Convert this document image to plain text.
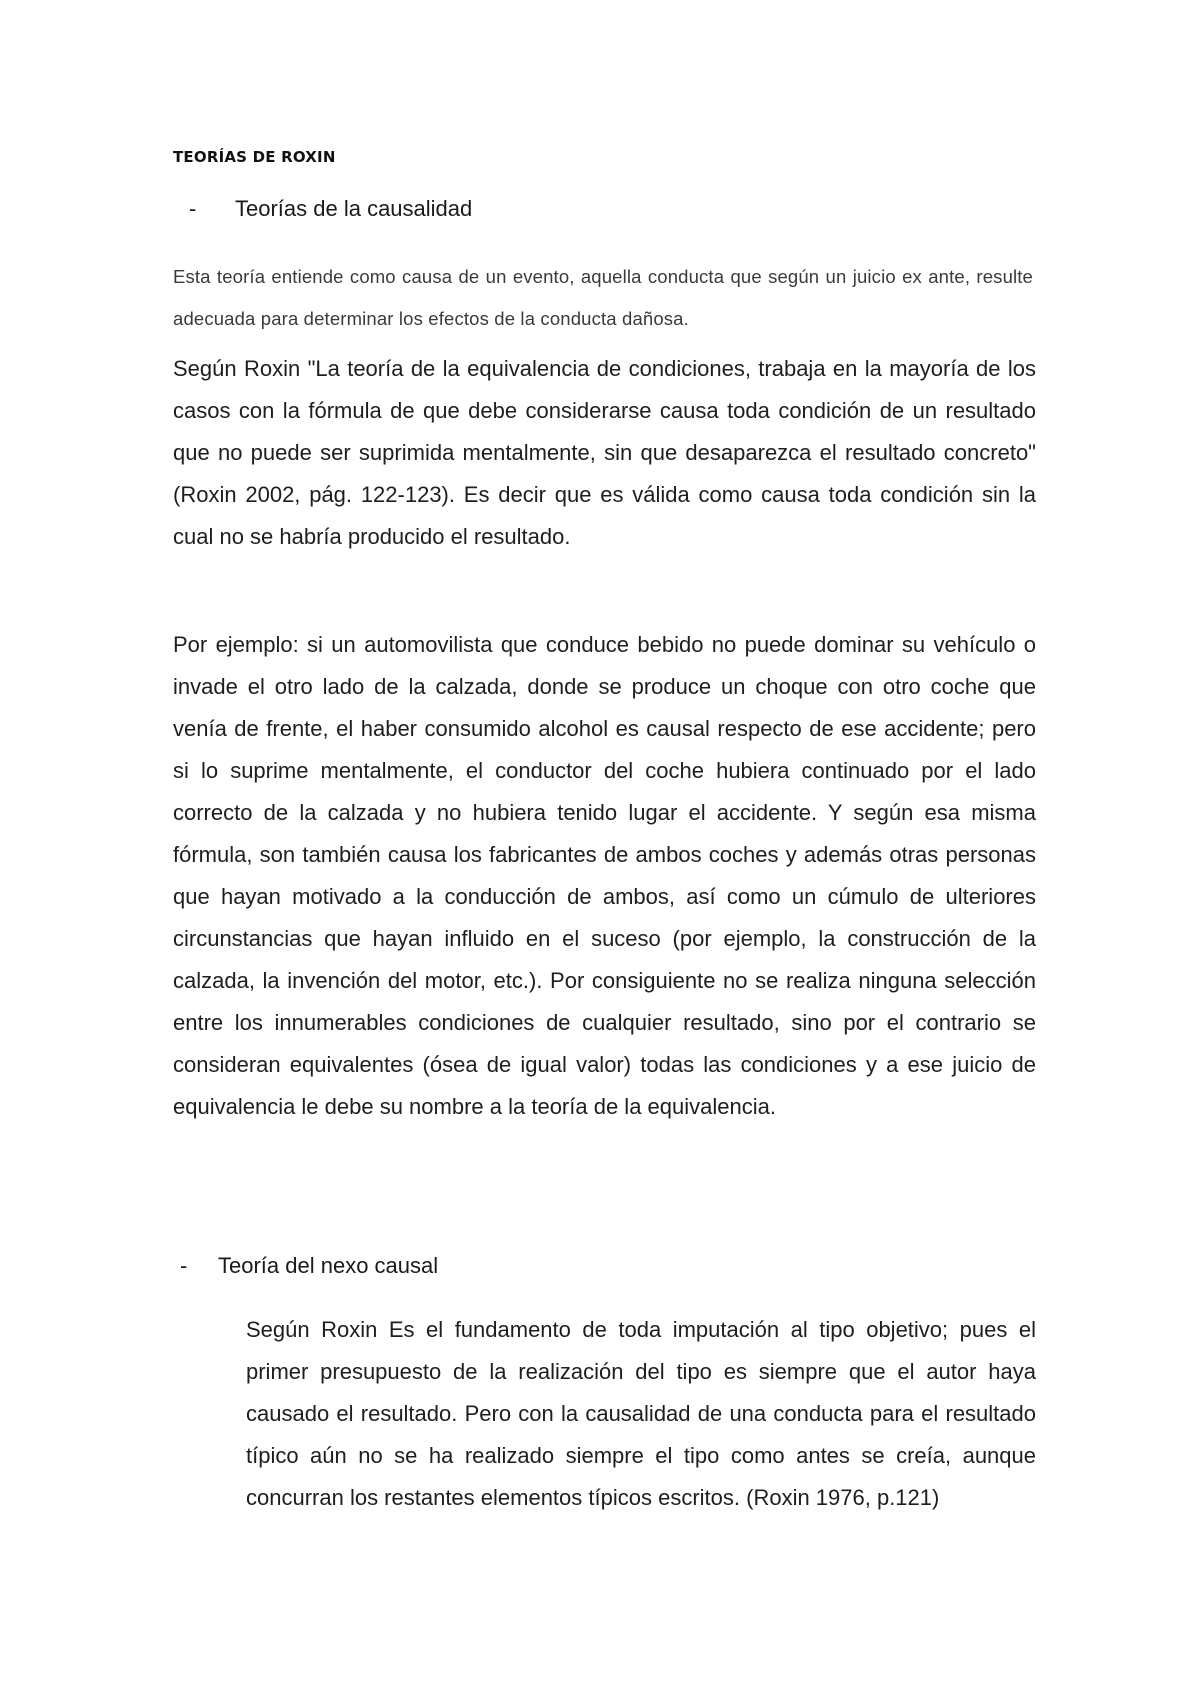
TEORÍAS DE ROXIN
-	Teorías de la causalidad

Esta teoría entiende como causa de un evento, aquella conducta que según un juicio ex ante, resulte adecuada para determinar los efectos de la conducta dañosa.

Según Roxin "La teoría de la equivalencia de condiciones, trabaja en la mayoría de los casos con la fórmula de que debe considerarse causa toda condición de un resultado que no puede ser suprimida mentalmente, sin que desaparezca el resultado concreto" (Roxin 2002, pág. 122-123). Es decir que es válida como causa toda condición sin la cual no se habría producido el resultado.

Por ejemplo: si un automovilista que conduce bebido no puede dominar su vehículo o invade el otro lado de la calzada, donde se produce un choque con otro coche que venía de frente, el haber consumido alcohol es causal respecto de ese accidente; pero si lo suprime mentalmente, el conductor del coche hubiera continuado por el lado correcto de la calzada y no hubiera tenido lugar el accidente. Y según esa misma fórmula, son también causa los fabricantes de ambos coches y además otras personas que hayan motivado a la conducción de ambos, así como un cúmulo de ulteriores circunstancias que hayan influido en el suceso (por ejemplo, la construcción de la calzada, la invención del motor, etc.). Por consiguiente no se realiza ninguna selección entre los innumerables condiciones de cualquier resultado, sino por el contrario se consideran equivalentes (ósea de igual valor) todas las condiciones y a ese juicio de equivalencia le debe su nombre a la teoría de la equivalencia.

-	Teoría del nexo causal

Según Roxin Es el fundamento de toda imputación al tipo objetivo; pues el primer presupuesto de la realización del tipo es siempre que el autor haya causado el resultado. Pero con la causalidad de una conducta para el resultado típico aún no se ha realizado siempre el tipo como antes se creía, aunque concurran los restantes elementos típicos escritos. (Roxin 1976, p.121)
